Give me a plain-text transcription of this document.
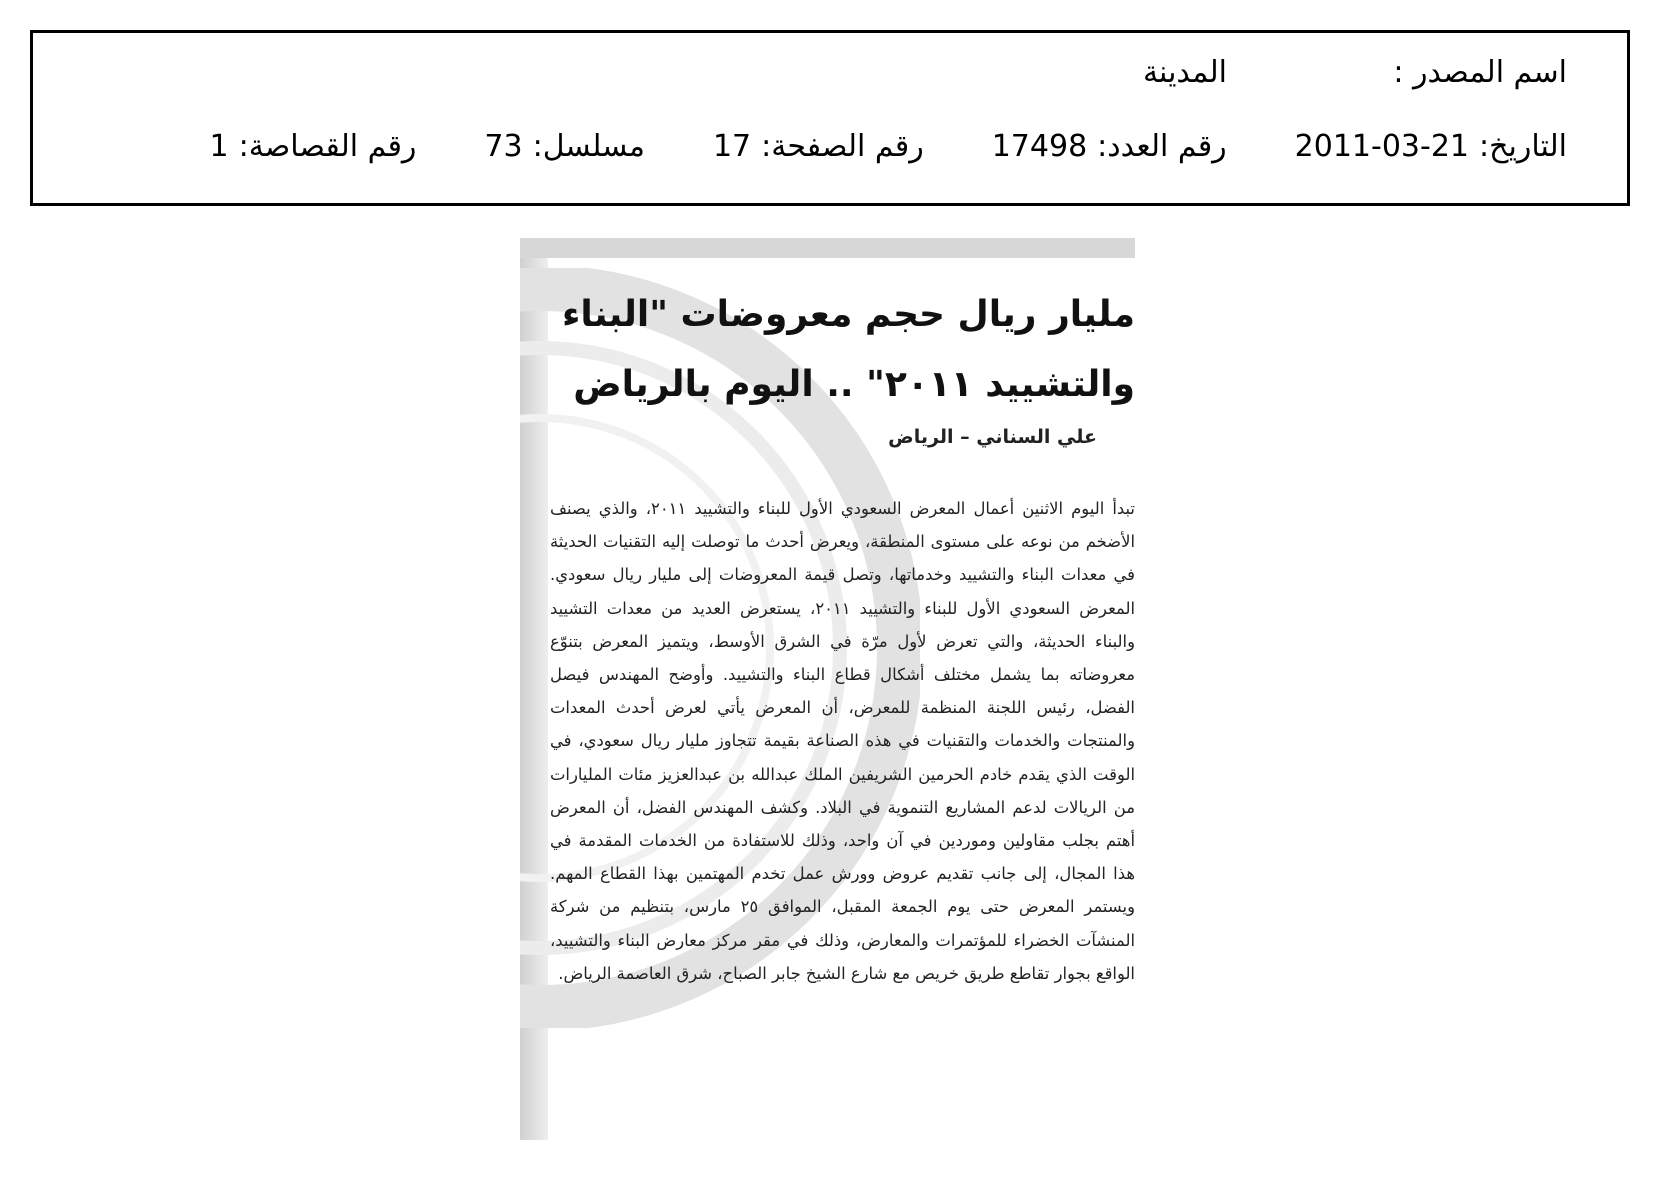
اسم المصدر :
المدينة
التاريخ:
2011-03-21
رقم العدد:
17498
رقم الصفحة:
17
مسلسل:
73
رقم القصاصة:
1
مليار ريال حجم معروضات "البناء
والتشييد ٢٠١١" .. اليوم بالرياض
علي السناني – الرياض
تبدأ اليوم الاثنين أعمال المعرض السعودي الأول للبناء والتشييد ٢٠١١، والذي يصنف الأضخم من نوعه على مستوى المنطقة، ويعرض أحدث ما توصلت إليه التقنيات الحديثة في معدات البناء والتشييد وخدماتها، وتصل قيمة المعروضات إلى مليار ريال سعودي. المعرض السعودي الأول للبناء والتشييد ٢٠١١، يستعرض العديد من معدات التشييد والبناء الحديثة، والتي تعرض لأول مرّة في الشرق الأوسط، ويتميز المعرض بتنوّع معروضاته بما يشمل مختلف أشكال قطاع البناء والتشييد. وأوضح المهندس فيصل الفضل، رئيس اللجنة المنظمة للمعرض، أن المعرض يأتي لعرض أحدث المعدات والمنتجات والخدمات والتقنيات في هذه الصناعة بقيمة تتجاوز مليار ريال سعودي، في الوقت الذي يقدم خادم الحرمين الشريفين الملك عبدالله بن عبدالعزيز مئات المليارات من الريالات لدعم المشاريع التنموية في البلاد. وكشف المهندس الفضل، أن المعرض أهتم بجلب مقاولين وموردين في آن واحد، وذلك للاستفادة من الخدمات المقدمة في هذا المجال، إلى جانب تقديم عروض وورش عمل تخدم المهتمين بهذا القطاع المهم. ويستمر المعرض حتى يوم الجمعة المقبل، الموافق ٢٥ مارس، بتنظيم من شركة المنشآت الخضراء للمؤتمرات والمعارض، وذلك في مقر مركز معارض البناء والتشييد، الواقع بجوار تقاطع طريق خريص مع شارع الشيخ جابر الصباح، شرق العاصمة الرياض.
